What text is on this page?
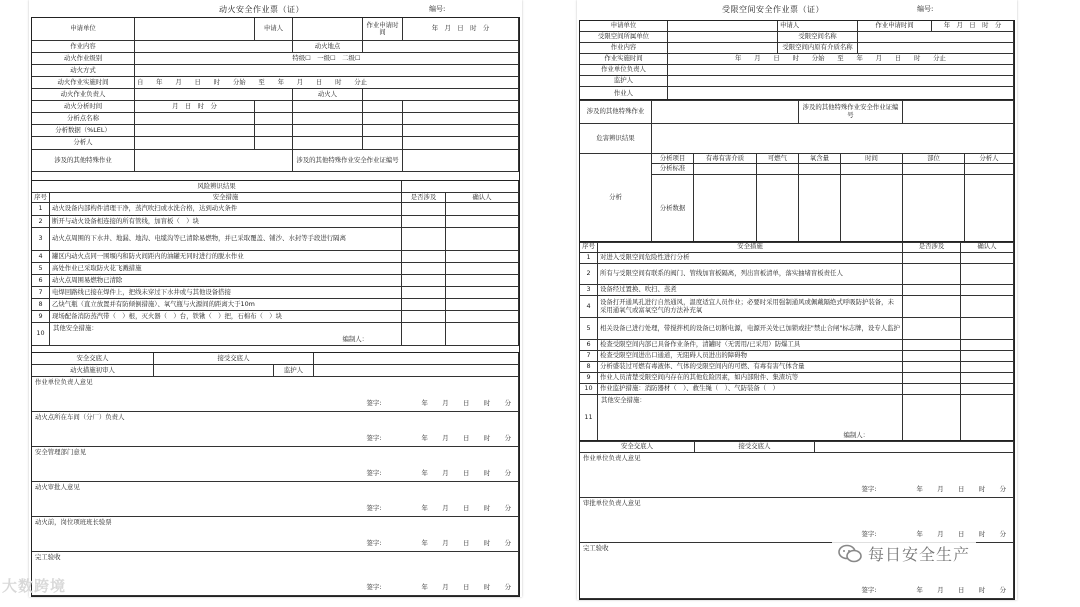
动火安全作业票（证）	编号:
申请单位	申请人	作业申请时间	年　月　日　时　分
作业内容	动火地点
动火作业级别	特级☐　一级☐　二级☐
动火方式
动火作业实施时间	自　　年　　月　　日　　时　　分始　　至　　年　　月　　日　　时　　分止
动火作业负责人	动火人
动火分析时间	月　日　时　分
分析点名称
分析数据（%LEL）
分析人
涉及的其他特殊作业	涉及的其他特殊作业安全作业证编号
风险辨识结果
序号	安全措施	是否涉及	确认人
1	动火设备内部构件清理干净，蒸汽吹扫或水洗合格，达到动火条件
2	断开与动火设备相连接的所有管线，加盲板（　）块
3	动火点周围的下水井、地漏、地沟、电缆沟等已清除易燃物，并已采取覆盖、铺沙、水封等手段进行隔离
4	罐区内动火点同一围堰内和防火间距内的油罐无同时进行的脱水作业
5	高处作业已采取防火花飞溅措施
6	动火点周围易燃物已清除
7	电焊回路线已接在焊件上，把线未穿过下水井或与其他设备搭接
8	乙炔气瓶（直立放置并有防倾倒措施）、氧气瓶与火源间的距离大于10m
9	现场配备消防蒸汽带（　）根，灭火器（　）台，铁锹（　）把，石棉布（　）块
10
其他安全措施：
编制人：
安全交底人	接受交底人
动火措施初审人	监护人
作业单位负责人意见
签字:	年　月　日　时　分
动火点所在车间（分厂）负责人
签字:	年　月　日　时　分
安全管理部门意见
签字:	年　月　日　时　分
动火审批人意见
签字:	年　月　日　时　分
动火前，岗位项班班长验票
签字:	年　月　日　时　分
完工验收
签字:	年　月　日　时　分
受限空间安全作业票（证）	编号:
申请单位	申请人	作业申请时间	年　月　日　时　分
受限空间所属单位	受限空间名称
作业内容	受限空间内原有介质名称
作业实施时间	年　　月　　日　　时　　分始　　至　　年　　月　　日　　时　　分止
作业单位负责人
监护人
作业人
涉及的其他特殊作业	涉及的其他特殊作业安全作业证编号
危害辨识结果
分析
分析项目	有毒有害介质	可燃气	氧含量	时间	部位	分析人
分析标准
分析数据
序号	安全措施	是否涉及	确认人
1	对进入受限空间危险性进行分析
2	所有与受限空间有联系的阀门、管线加盲板隔离，列出盲板清单，落实抽堵盲板责任人
3	设备经过置换、吹扫、蒸煮
4	设备打开通风孔进行自然通风，温度适宜人员作业；必要时采用强制通风或佩戴隔绝式呼吸防护装备，未采用通氧气或富氧空气的方法补充氧
5	相关设备已进行处理，带搅拌机的设备已切断电源，电源开关处已加锁或挂"禁止合闸"标志牌，设专人监护
6	检查受限空间内部已具备作业条件，清罐时（无需用/已采用）防爆工具
7	检查受限空间进出口通道，无阻碍人员进出的障碍物
8	分析盛装过可燃有毒液体、气体的受限空间内的可燃、有毒有害气体含量
9	作业人员清楚受限空间内存在的其他危险因素，如内部附件、集渣坑等
10	作业监护措施：消防器材（　）、救生绳（　）、气防装备（　）
11
其他安全措施：
编制人：
安全交底人	接受交底人
作业单位负责人意见
签字:	年　月　日　时　分
审批单位负责人意见
签字:	年　月　日　时　分
完工验收
签字:	年　月　日　时　分
大数跨境
每日安全生产
